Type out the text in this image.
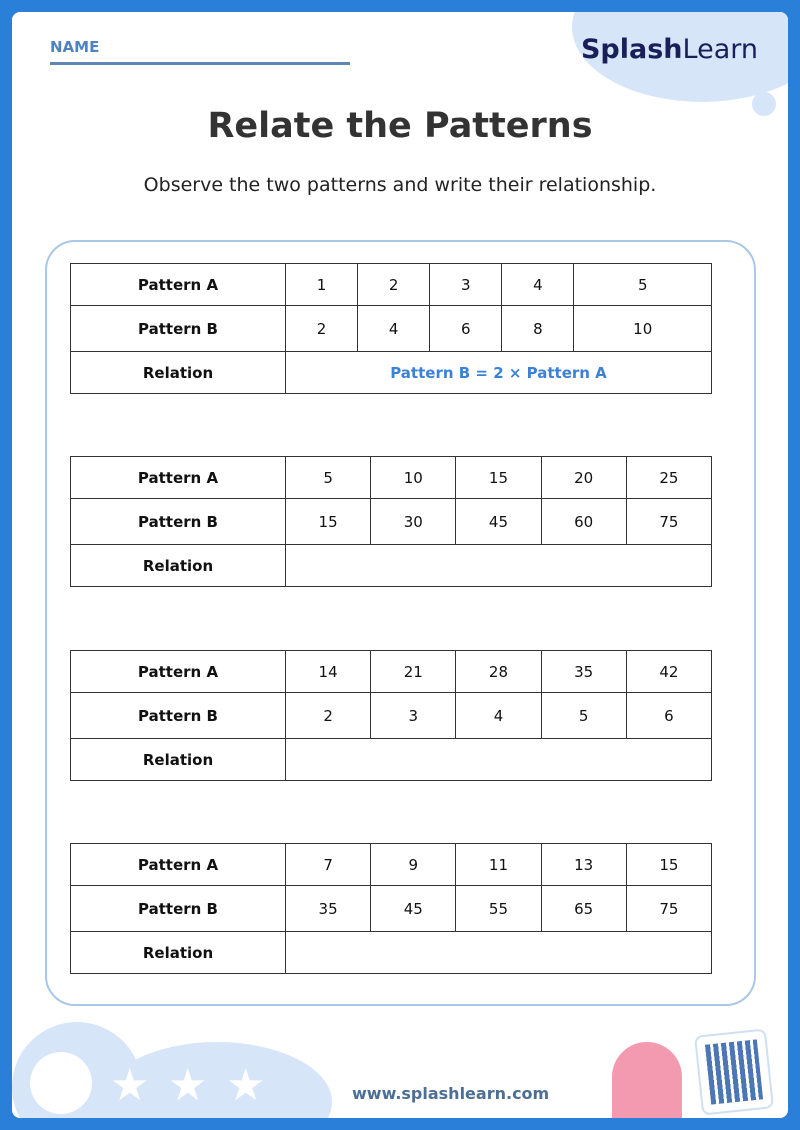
NAME	SplashLearn
Relate the Patterns
Observe the two patterns and write their relationship.
Pattern A	1	2	3	4	5
Pattern B	2	4	6	8	10
Relation	Pattern B = 2 × Pattern A				
Pattern A	5	10	15	20	25
Pattern B	15	30	45	60	75
Relation					
Pattern A	14	21	28	35	42
Pattern B	2	3	4	5	6
Relation					
Pattern A	7	9	11	13	15
Pattern B	35	45	55	65	75
Relation					
★ ★ ★	www.splashlearn.com
